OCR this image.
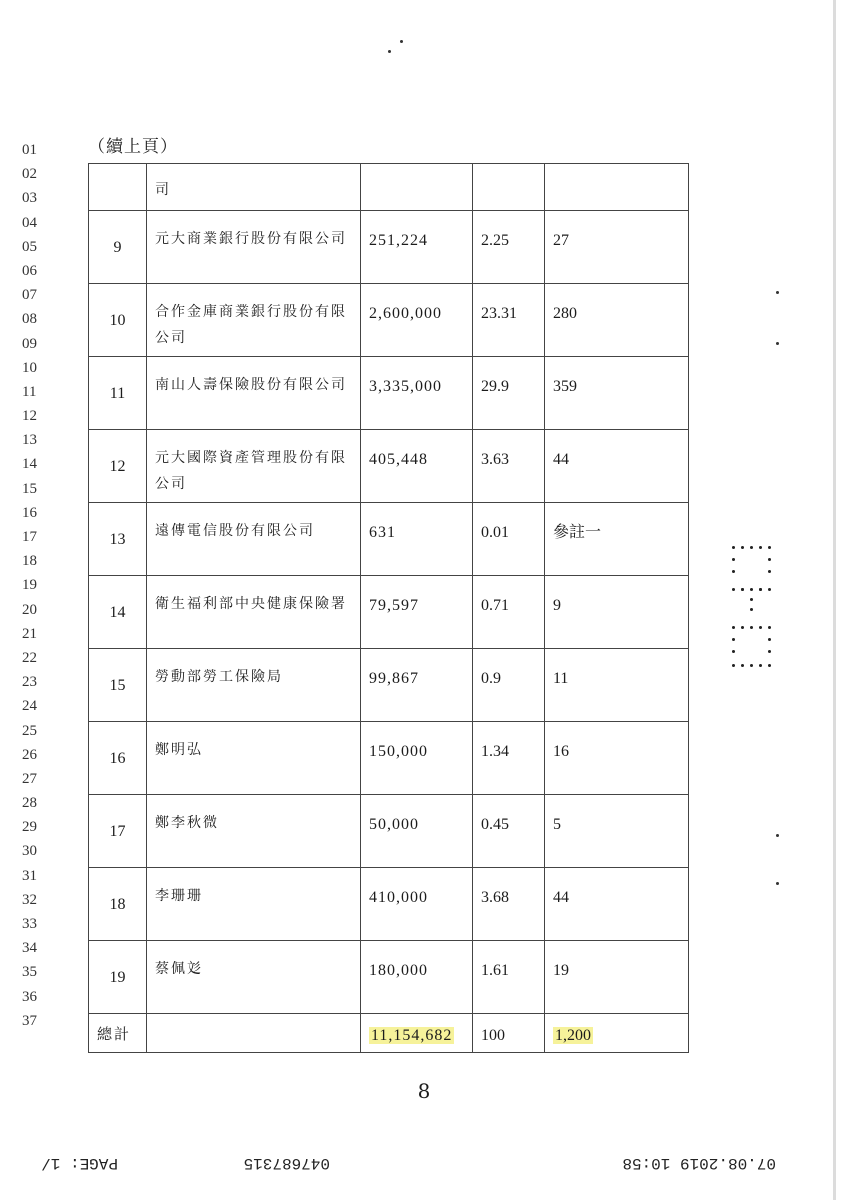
01
02
03
04
05
06
07
08
09
10
11
12
13
14
15
16
17
18
19
20
21
22
23
24
25
26
27
28
29
30
31
32
33
34
35
36
37
（續上頁）
	司			
9	元大商業銀行股份有限公司	251,224	2.25	27
10	合作金庫商業銀行股份有限公司	2,600,000	23.31	280
11	南山人壽保險股份有限公司	3,335,000	29.9	359
12	元大國際資產管理股份有限公司	405,448	3.63	44
13	遠傳電信股份有限公司	631	0.01	參註一
14	衛生福利部中央健康保險署	79,597	0.71	9
15	勞動部勞工保險局	99,867	0.9	11
16	鄭明弘	150,000	1.34	16
17	鄭李秋微	50,000	0.45	5
18	李珊珊	410,000	3.68	44
19	蔡佩彣	180,000	1.61	19
總計		11,154,682	100	1,200
8
07.08.2019 10:58
047687315
PAGE: 1/
